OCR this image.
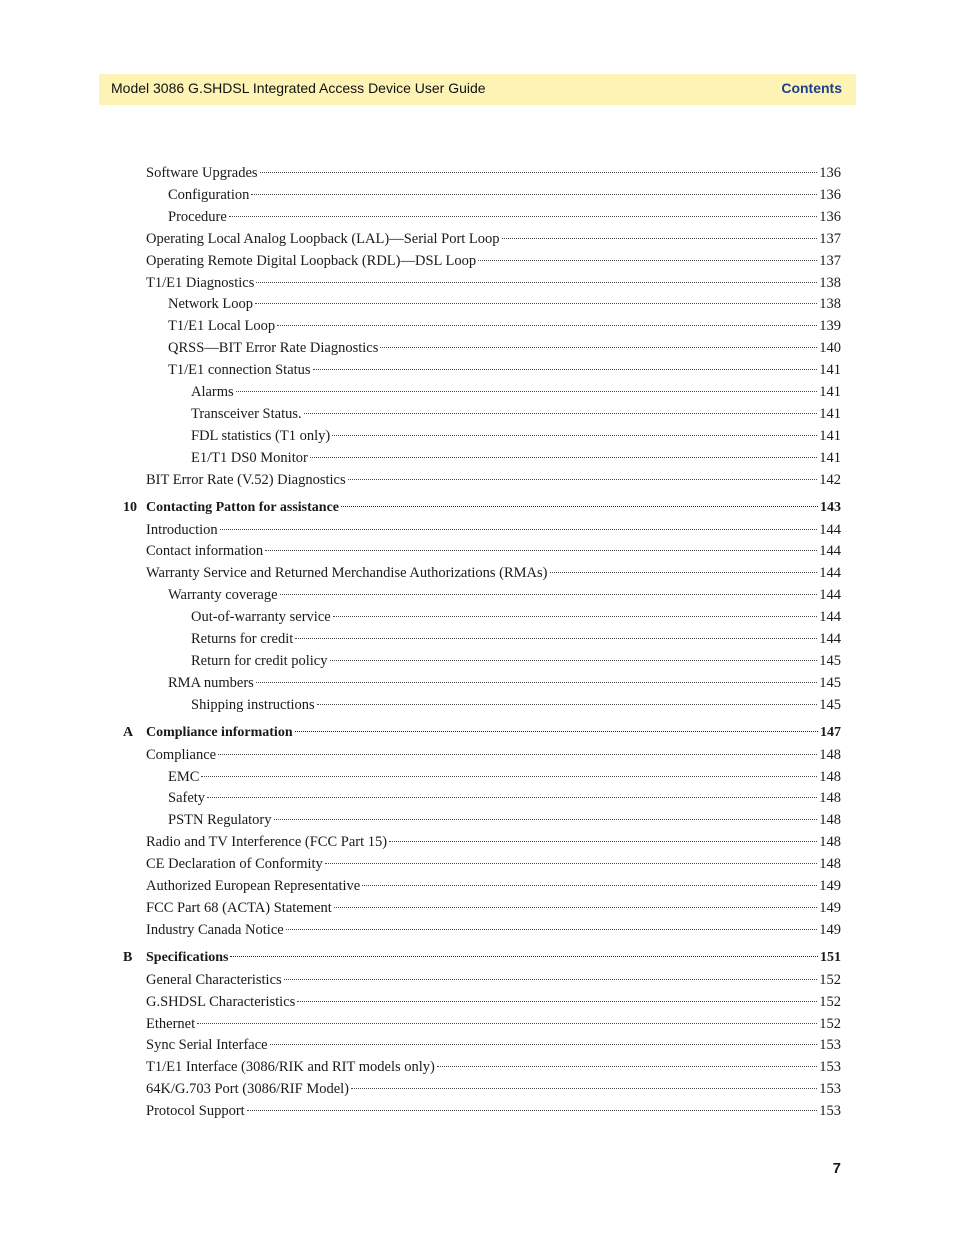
Model 3086 G.SHDSL Integrated Access Device User Guide	Contents
Software Upgrades	136
Configuration	136
Procedure	136
Operating Local Analog Loopback (LAL)—Serial Port Loop	137
Operating Remote Digital Loopback (RDL)—DSL Loop	137
T1/E1 Diagnostics	138
Network Loop	138
T1/E1 Local Loop	139
QRSS—BIT Error Rate Diagnostics	140
T1/E1 connection Status	141
Alarms	141
Transceiver Status.	141
FDL statistics (T1 only)	141
E1/T1 DS0 Monitor	141
BIT Error Rate (V.52) Diagnostics	142
10 Contacting Patton for assistance	143
Introduction	144
Contact information	144
Warranty Service and Returned Merchandise Authorizations (RMAs)	144
Warranty coverage	144
Out-of-warranty service	144
Returns for credit	144
Return for credit policy	145
RMA numbers	145
Shipping instructions	145
A Compliance information	147
Compliance	148
EMC	148
Safety	148
PSTN Regulatory	148
Radio and TV Interference (FCC Part 15)	148
CE Declaration of Conformity	148
Authorized European Representative	149
FCC Part 68 (ACTA) Statement	149
Industry Canada Notice	149
B Specifications	151
General Characteristics	152
G.SHDSL Characteristics	152
Ethernet	152
Sync Serial Interface	153
T1/E1 Interface (3086/RIK and RIT models only)	153
64K/G.703 Port (3086/RIF Model)	153
Protocol Support	153
7
